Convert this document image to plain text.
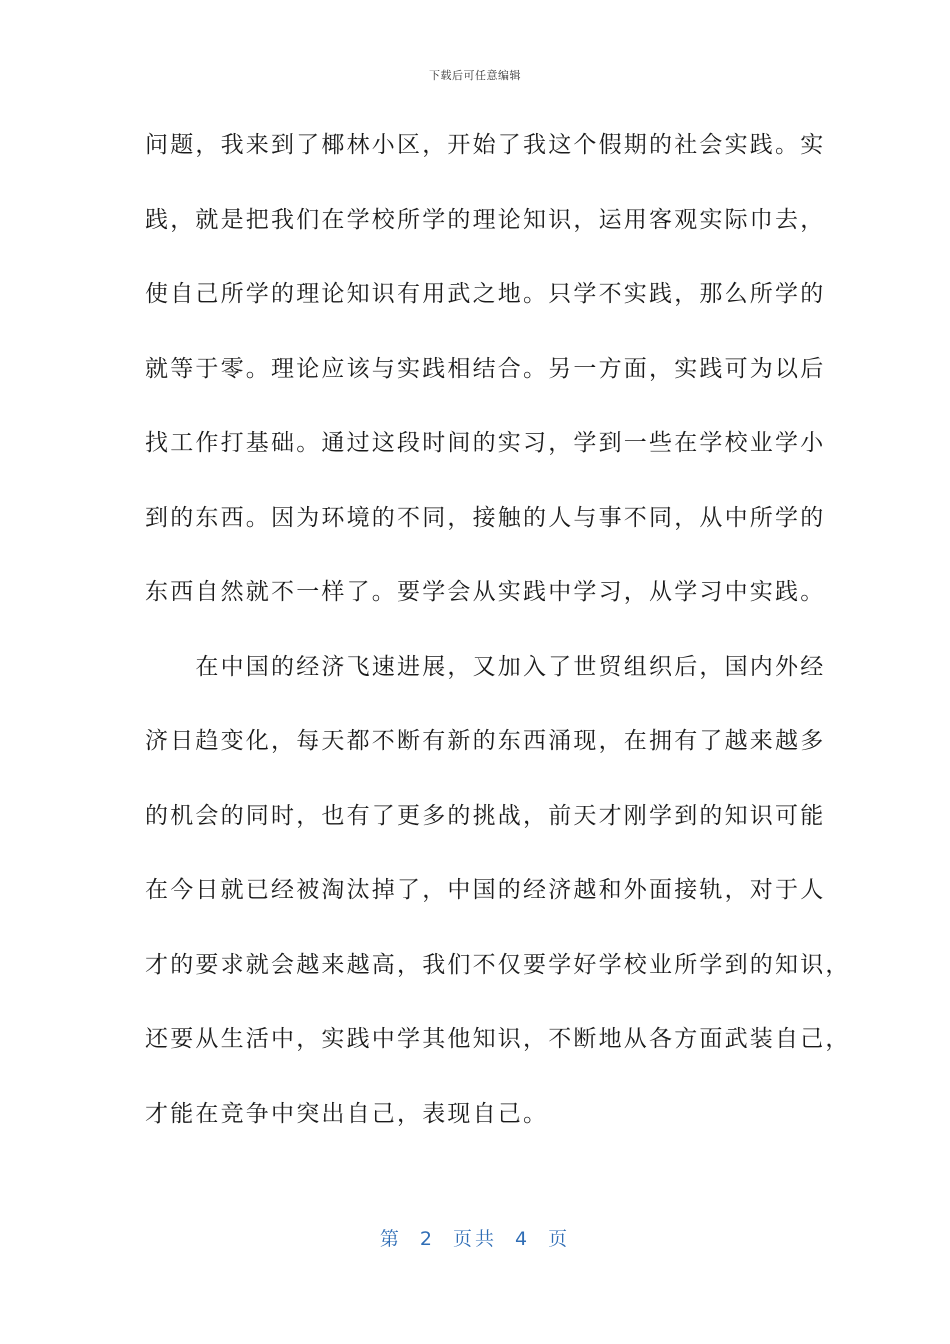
下载后可任意编辑
问题，我来到了椰林小区，开始了我这个假期的社会实践。实
践，就是把我们在学校所学的理论知识，运用客观实际巾去，
使自己所学的理论知识有用武之地。只学不实践，那么所学的
就等于零。理论应该与实践相结合。另一方面，实践可为以后
找工作打基础。通过这段时间的实习，学到一些在学校业学小
到的东西。因为环境的不同，接触的人与事不同，从中所学的
东西自然就不一样了。要学会从实践中学习，从学习中实践。
　　在中国的经济飞速进展，又加入了世贸组织后，国内外经
济日趋变化，每天都不断有新的东西涌现，在拥有了越来越多
的机会的同时，也有了更多的挑战，前天才刚学到的知识可能
在今日就已经被淘汰掉了，中国的经济越和外面接轨，对于人
才的要求就会越来越高，我们不仅要学好学校业所学到的知识，
还要从生活中，实践中学其他知识，不断地从各方面武装自己，
才能在竞争中突出自己，表现自己。
第 2 页共 4 页
